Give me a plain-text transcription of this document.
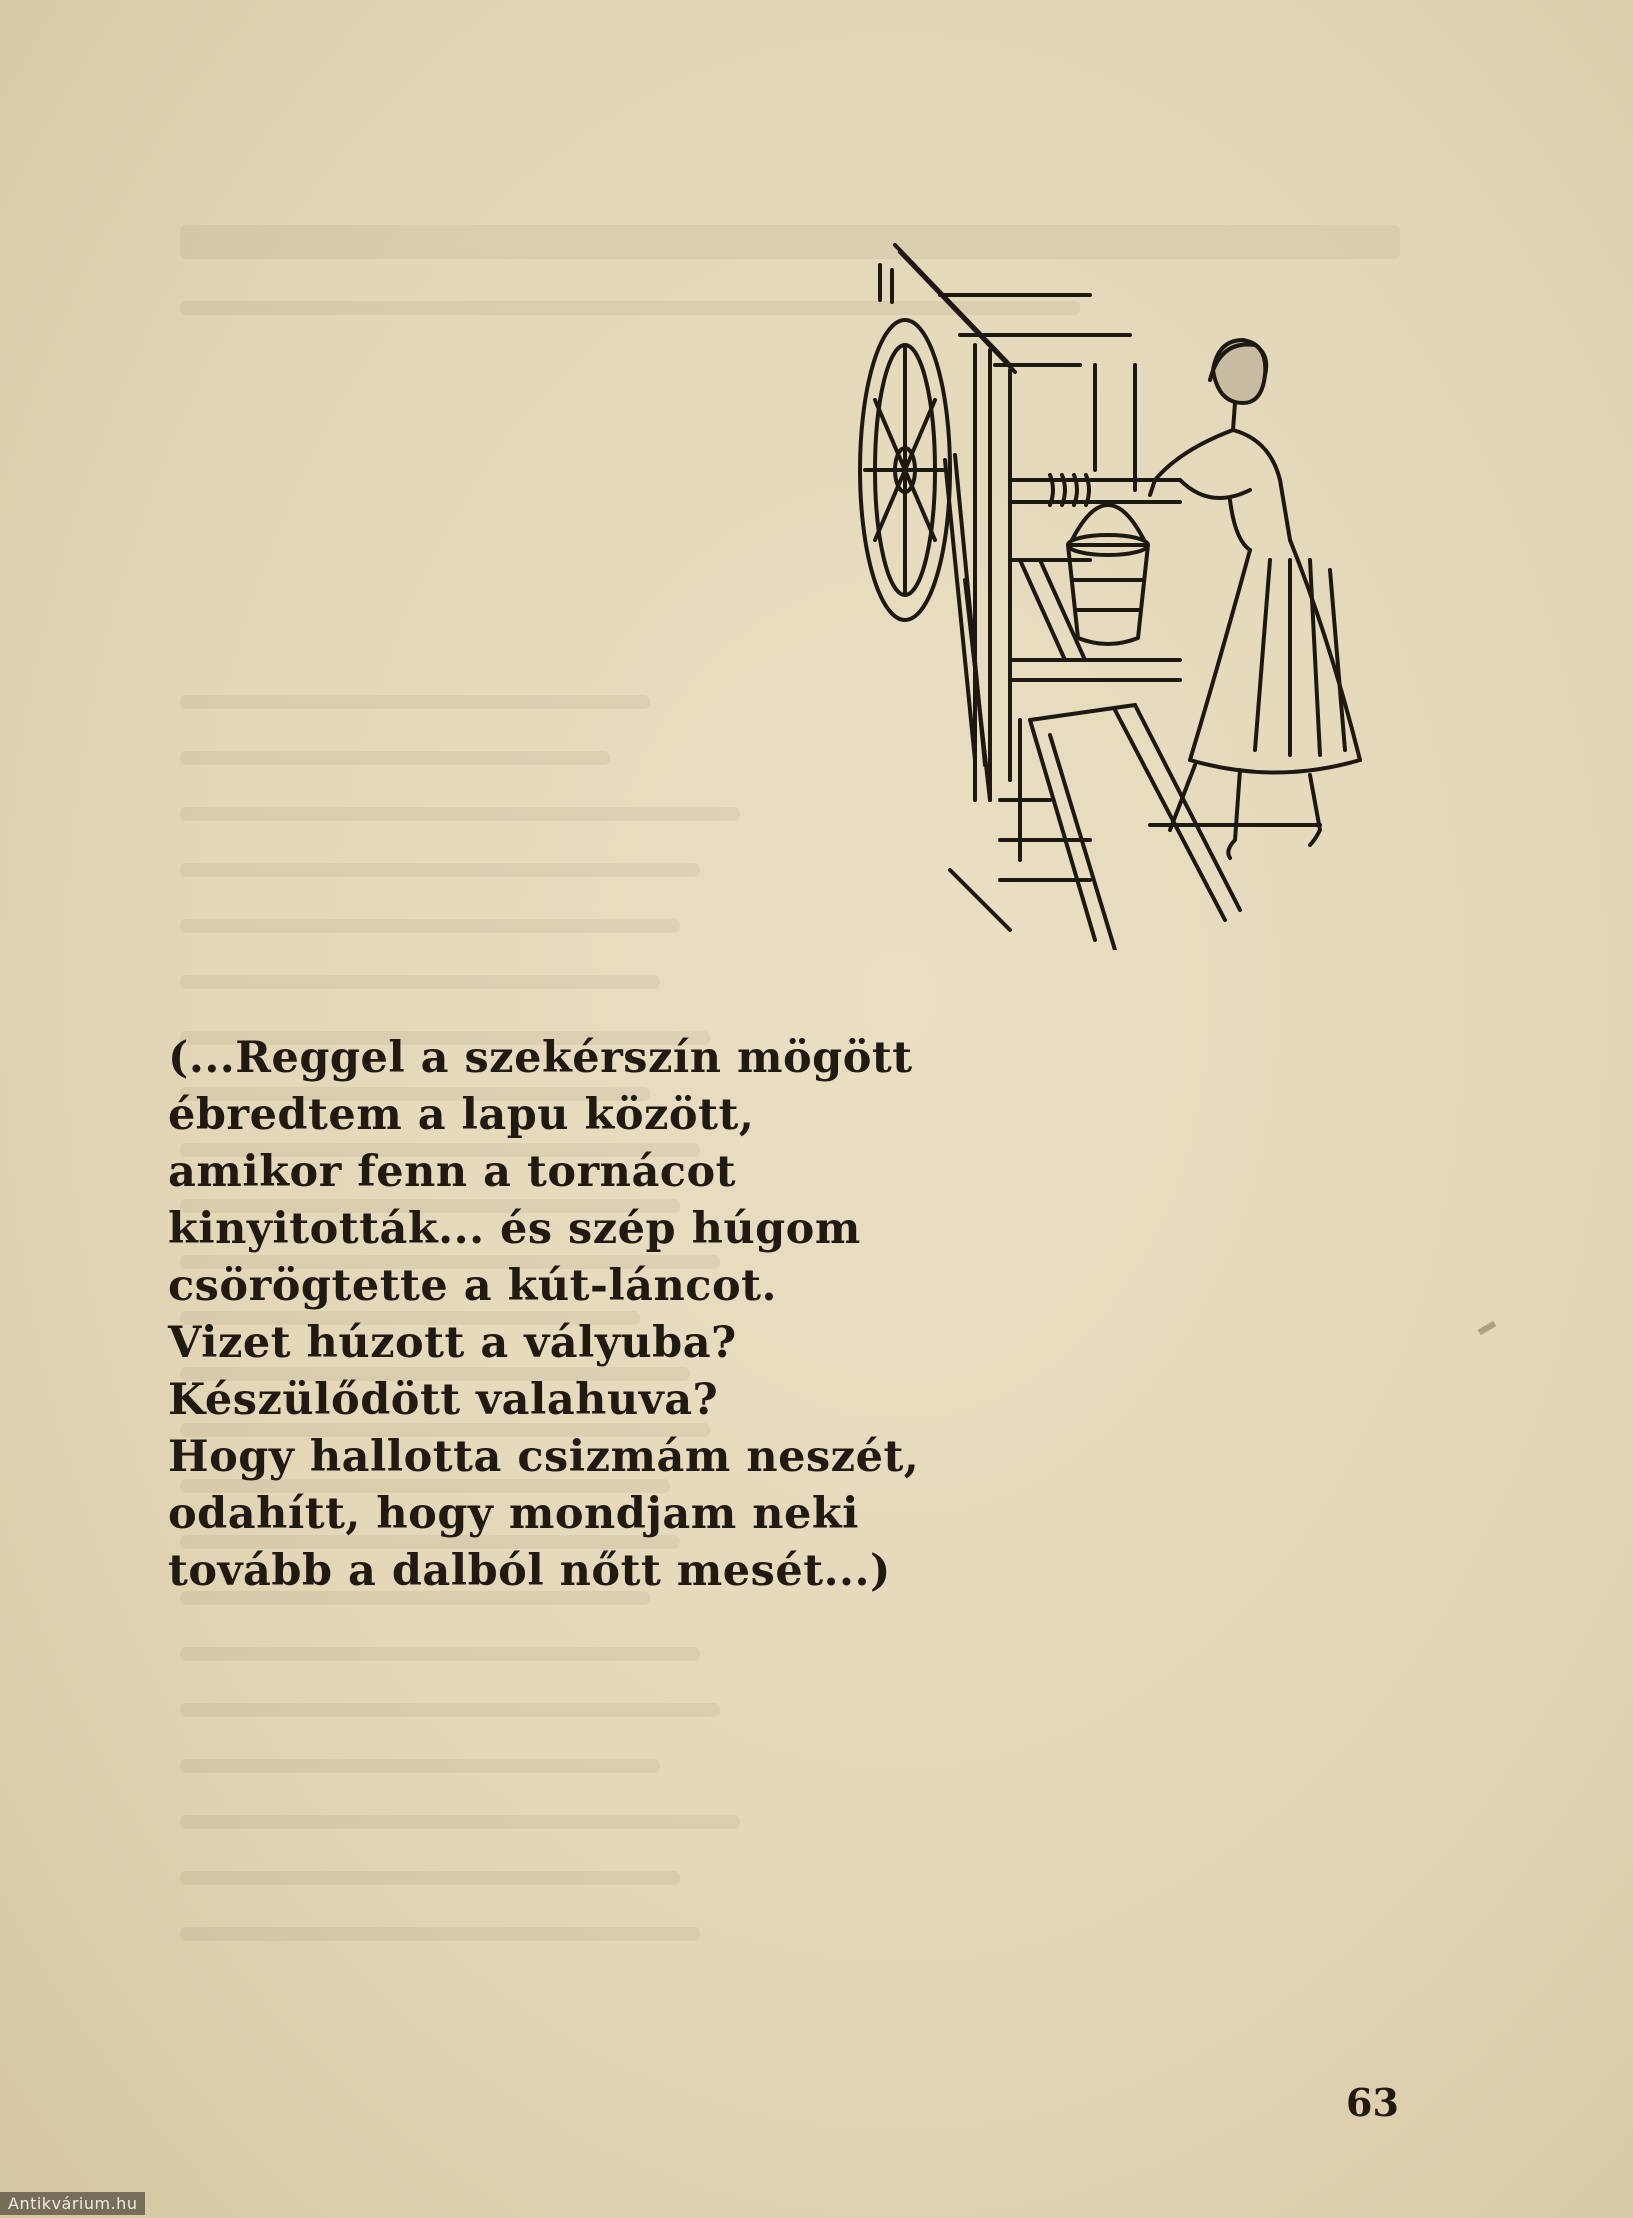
(...Reggel a szekérszín mögött
ébredtem a lapu között,
amikor fenn a tornácot
kinyitották... és szép húgom
csörögtette a kút-láncot.
Vizet húzott a vályuba?
Készülődött valahuva?
Hogy hallotta csizmám neszét,
odahítt, hogy mondjam neki
tovább a dalból nőtt mesét...)
63
Antikvárium.hu
